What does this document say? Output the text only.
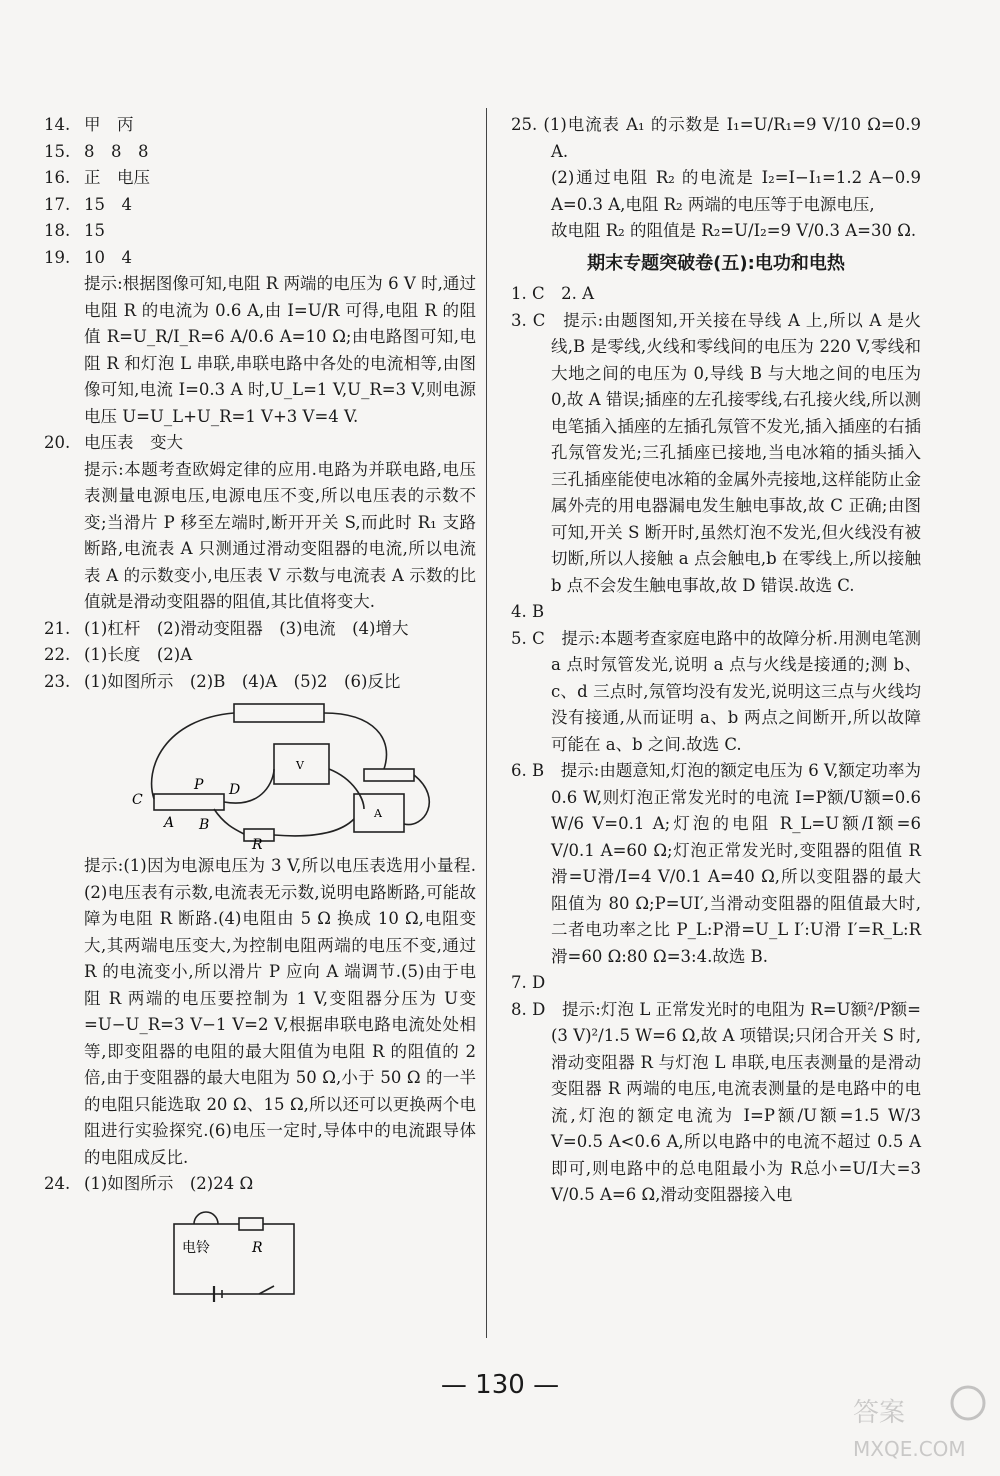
14. 甲　丙
15. 8　8　8
16. 正　电压
17. 15　4
18. 15
19. 10　4

提示:根据图像可知,电阻 R 两端的电压为 6 V 时,通过电阻 R 的电流为 0.6 A,由 I=U/R 可得,电阻 R 的阻值 R=U_R/I_R=6 A/0.6 A=10 Ω;由电路图可知,电阻 R 和灯泡 L 串联,串联电路中各处的电流相等,由图像可知,电流 I=0.3 A 时,U_L=1 V,U_R=3 V,则电源电压 U=U_L+U_R=1 V+3 V=4 V.

20. 电压表　变大

提示:本题考查欧姆定律的应用.电路为并联电路,电压表测量电源电压,电源电压不变,所以电压表的示数不变;当滑片 P 移至左端时,断开开关 S,而此时 R₁ 支路断路,电流表 A 只测通过滑动变阻器的电流,所以电流表 A 的示数变小,电压表 V 示数与电流表 A 示数的比值就是滑动变阻器的阻值,其比值将变大.

21. (1)杠杆　(2)滑动变阻器　(3)电流　(4)增大
22. (1)长度　(2)A
23. (1)如图所示　(2)B　(4)A　(5)2　(6)反比
C
P D
A B
R
V
A

提示:(1)因为电源电压为 3 V,所以电压表选用小量程.(2)电压表有示数,电流表无示数,说明电路断路,可能故障为电阻 R 断路.(4)电阻由 5 Ω 换成 10 Ω,电阻变大,其两端电压变大,为控制电阻两端的电压不变,通过 R 的电流变小,所以滑片 P 应向 A 端调节.(5)由于电阻 R 两端的电压要控制为 1 V,变阻器分压为 U变=U−U_R=3 V−1 V=2 V,根据串联电路电流处处相等,即变阻器的电阻的最大阻值为电阻 R 的阻值的 2 倍,由于变阻器的最大电阻为 50 Ω,小于 50 Ω 的一半的电阻只能选取 20 Ω、15 Ω,所以还可以更换两个电阻进行实验探究.(6)电压一定时,导体中的电流跟导体的电阻成反比.

24. (1)如图所示　(2)24 Ω
电铃	R

25. (1)电流表 A₁ 的示数是 I₁=U/R₁=9 V/10 Ω=0.9 A.

(2)通过电阻 R₂ 的电流是 I₂=I−I₁=1.2 A−0.9 A=0.3 A,电阻 R₂ 两端的电压等于电源电压,

故电阻 R₂ 的阻值是 R₂=U/I₂=9 V/0.3 A=30 Ω.

期末专题突破卷(五):电功和电热

1. C　2. A

3. C　提示:由题图知,开关接在导线 A 上,所以 A 是火线,B 是零线,火线和零线间的电压为 220 V,零线和大地之间的电压为 0,导线 B 与大地之间的电压为 0,故 A 错误;插座的左孔接零线,右孔接火线,所以测电笔插入插座的左插孔氖管不发光,插入插座的右插孔氖管发光;三孔插座已接地,当电冰箱的插头插入三孔插座能使电冰箱的金属外壳接地,这样能防止金属外壳的用电器漏电发生触电事故,故 C 正确;由图可知,开关 S 断开时,虽然灯泡不发光,但火线没有被切断,所以人接触 a 点会触电,b 在零线上,所以接触 b 点不会发生触电事故,故 D 错误.故选 C.

4. B

5. C　提示:本题考查家庭电路中的故障分析.用测电笔测 a 点时氖管发光,说明 a 点与火线是接通的;测 b、c、d 三点时,氖管均没有发光,说明这三点与火线均没有接通,从而证明 a、b 两点之间断开,所以故障可能在 a、b 之间.故选 C.

6. B　提示:由题意知,灯泡的额定电压为 6 V,额定功率为 0.6 W,则灯泡正常发光时的电流 I=P额/U额=0.6 W/6 V=0.1 A;灯泡的电阻 R_L=U额/I额=6 V/0.1 A=60 Ω;灯泡正常发光时,变阻器的阻值 R滑=U滑/I=4 V/0.1 A=40 Ω,所以变阻器的最大阻值为 80 Ω;P=UI′,当滑动变阻器的阻值最大时,二者电功率之比 P_L:P滑=U_L I′:U滑 I′=R_L:R滑=60 Ω:80 Ω=3:4.故选 B.

7. D

8. D　提示:灯泡 L 正常发光时的电阻为 R=U额²/P额=(3 V)²/1.5 W=6 Ω,故 A 项错误;只闭合开关 S 时,滑动变阻器 R 与灯泡 L 串联,电压表测量的是滑动变阻器 R 两端的电压,电流表测量的是电路中的电流,灯泡的额定电流为 I=P额/U额=1.5 W/3 V=0.5 A<0.6 A,所以电路中的电流不超过 0.5 A 即可,则电路中的总电阻最小为 R总小=U/I大=3 V/0.5 A=6 Ω,滑动变阻器接入电

— 130 —
答案
MXQE.COM
